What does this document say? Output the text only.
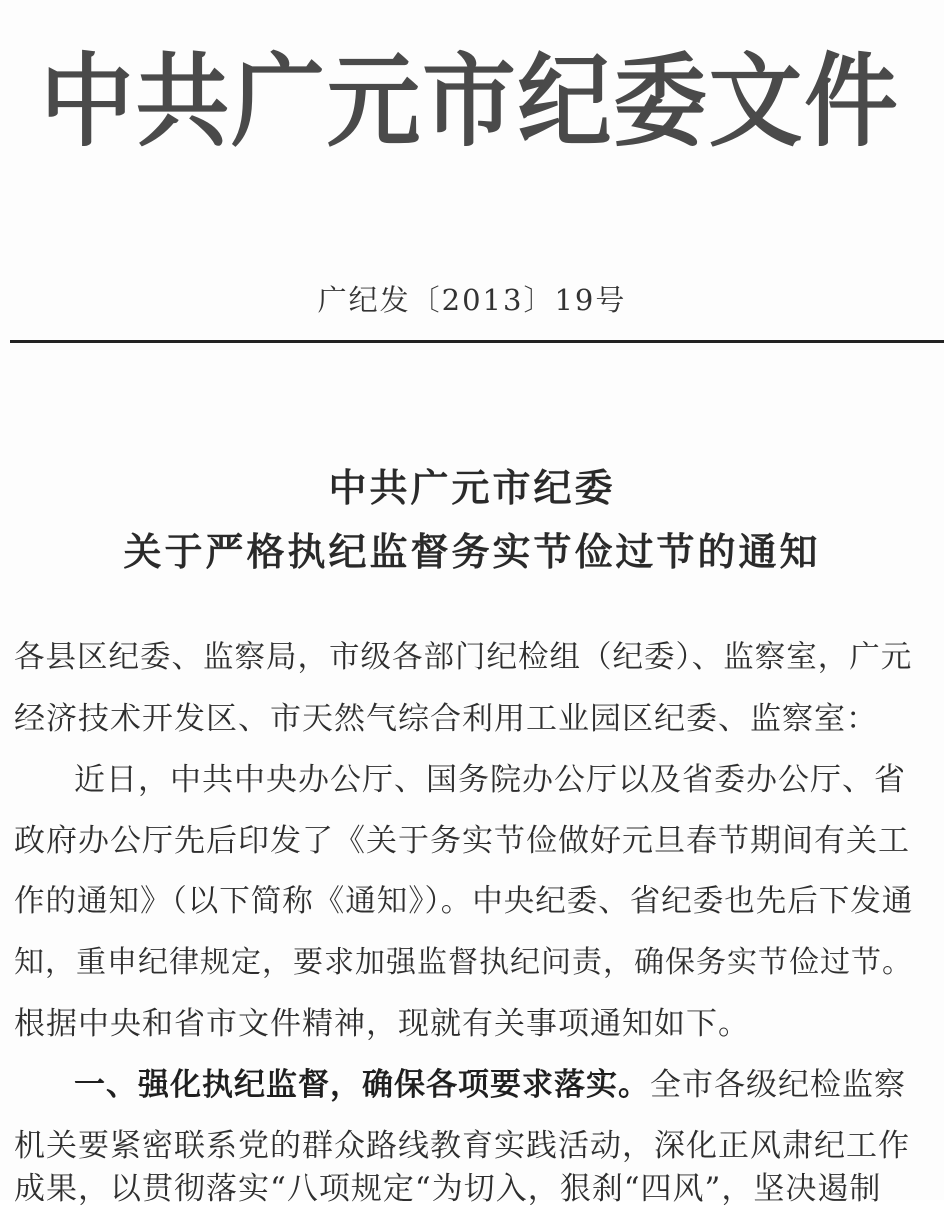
中共广元市纪委文件
广纪发〔2013〕19号
中共广元市纪委
关于严格执纪监督务实节俭过节的通知
各县区纪委、监察局，市级各部门纪检组（纪委）、监察室，广元
经济技术开发区、市天然气综合利用工业园区纪委、监察室：
近日，中共中央办公厅、国务院办公厅以及省委办公厅、省
政府办公厅先后印发了《关于务实节俭做好元旦春节期间有关工
作的通知》（以下简称《通知》）。中央纪委、省纪委也先后下发通
知，重申纪律规定，要求加强监督执纪问责，确保务实节俭过节。
根据中央和省市文件精神，现就有关事项通知如下。
一、强化执纪监督，确保各项要求落实。全市各级纪检监察
机关要紧密联系党的群众路线教育实践活动，深化正风肃纪工作
成果，以贯彻落实“八项规定“为切入，狠刹“四风”，坚决遏制
